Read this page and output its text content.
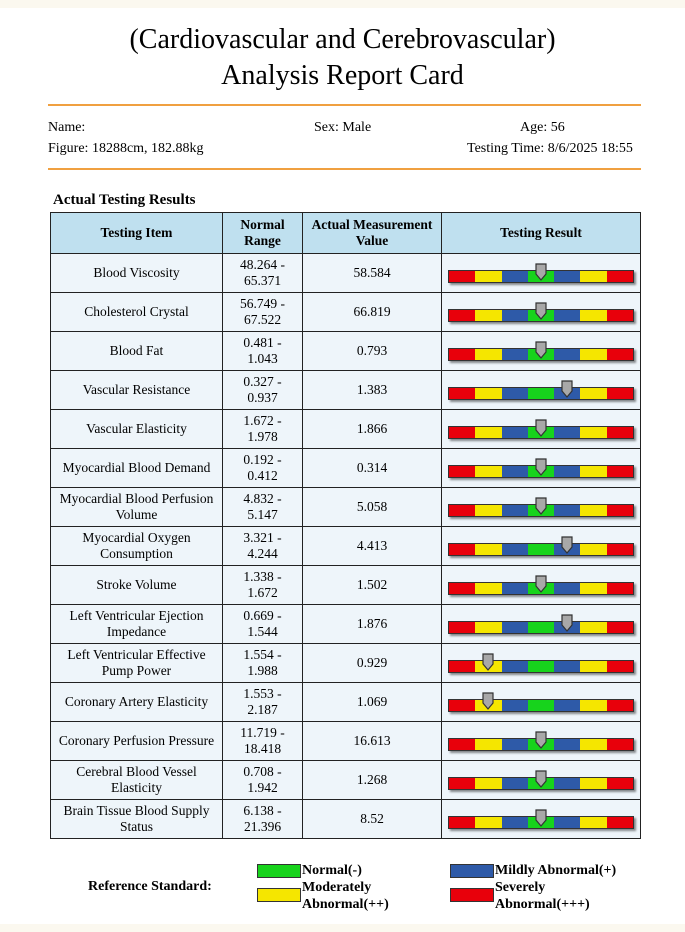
(Cardiovascular and Cerebrovascular)
Analysis Report Card
Name:	Sex: Male	Age: 56
Figure: 18288cm, 182.88kg	Testing Time: 8/6/2025 18:55
Actual Testing Results
Testing Item	Normal Range	Actual Measurement Value	Testing Result
Blood Viscosity	48.264 - 65.371	58.584	

Cholesterol Crystal	56.749 - 67.522	66.819	

Blood Fat	0.481 - 1.043	0.793	

Vascular Resistance	0.327 - 0.937	1.383	

Vascular Elasticity	1.672 - 1.978	1.866	

Myocardial Blood Demand	0.192 - 0.412	0.314	

Myocardial Blood Perfusion Volume	4.832 - 5.147	5.058	

Myocardial Oxygen Consumption	3.321 - 4.244	4.413	

Stroke Volume	1.338 - 1.672	1.502	

Left Ventricular Ejection Impedance	0.669 - 1.544	1.876	

Left Ventricular Effective Pump Power	1.554 - 1.988	0.929	

Coronary Artery Elasticity	1.553 - 2.187	1.069	

Coronary Perfusion Pressure	11.719 - 18.418	16.613	

Cerebral Blood Vessel Elasticity	0.708 - 1.942	1.268	

Brain Tissue Blood Supply Status	6.138 - 21.396	8.52	
Reference Standard:
Normal(-)	Mildly Abnormal(+)
Moderately Abnormal(++)
Severely Abnormal(+++)
